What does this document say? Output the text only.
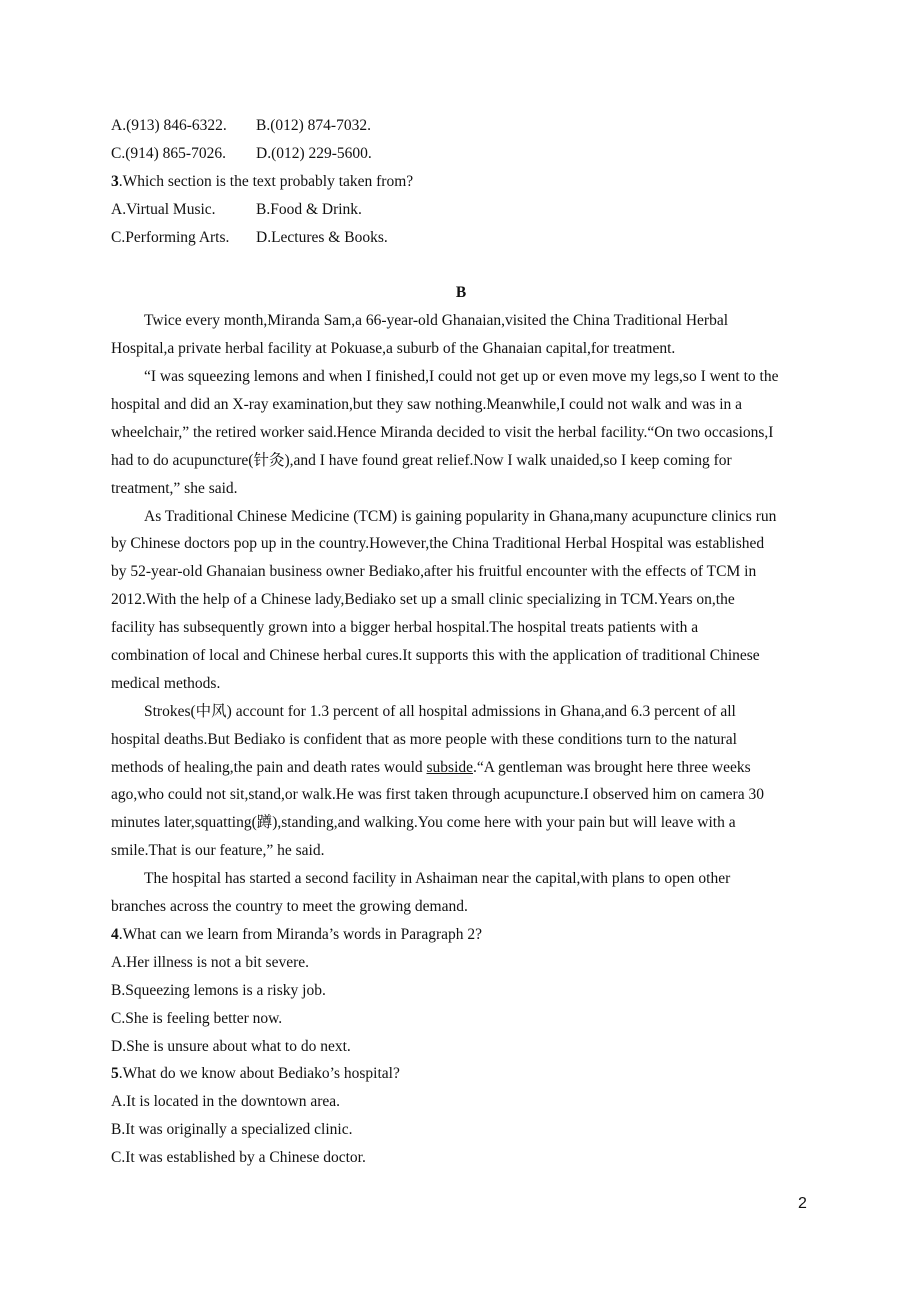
A.(913) 846-6322. B.(012) 874-7032.
C.(914) 865-7026. D.(012) 229-5600.
3.Which section is the text probably taken from?
A.Virtual Music.	B.Food & Drink.
C.Performing Arts. D.Lectures & Books.
B
Twice every month,Miranda Sam,a 66-year-old Ghanaian,visited the China Traditional Herbal
Hospital,a private herbal facility at Pokuase,a suburb of the Ghanaian capital,for treatment.
“I was squeezing lemons and when I finished,I could not get up or even move my legs,so I went to the
hospital and did an X-ray examination,but they saw nothing.Meanwhile,I could not walk and was in a
wheelchair,” the retired worker said.Hence Miranda decided to visit the herbal facility.“On two occasions,I
had to do acupuncture(针灸),and I have found great relief.Now I walk unaided,so I keep coming for
treatment,” she said.
As Traditional Chinese Medicine (TCM) is gaining popularity in Ghana,many acupuncture clinics run
by Chinese doctors pop up in the country.However,the China Traditional Herbal Hospital was established
by 52-year-old Ghanaian business owner Bediako,after his fruitful encounter with the effects of TCM in
2012.With the help of a Chinese lady,Bediako set up a small clinic specializing in TCM.Years on,the
facility has subsequently grown into a bigger herbal hospital.The hospital treats patients with a
combination of local and Chinese herbal cures.It supports this with the application of traditional Chinese
medical methods.
Strokes(中风) account for 1.3 percent of all hospital admissions in Ghana,and 6.3 percent of all
hospital deaths.But Bediako is confident that as more people with these conditions turn to the natural
methods of healing,the pain and death rates would subside.“A gentleman was brought here three weeks
ago,who could not sit,stand,or walk.He was first taken through acupuncture.I observed him on camera 30
minutes later,squatting(蹲),standing,and walking.You come here with your pain but will leave with a
smile.That is our feature,” he said.
The hospital has started a second facility in Ashaiman near the capital,with plans to open other
branches across the country to meet the growing demand.
4.What can we learn from Miranda’s words in Paragraph 2?
A.Her illness is not a bit severe.
B.Squeezing lemons is a risky job.
C.She is feeling better now.
D.She is unsure about what to do next.
5.What do we know about Bediako’s hospital?
A.It is located in the downtown area.
B.It was originally a specialized clinic.
C.It was established by a Chinese doctor.
2
